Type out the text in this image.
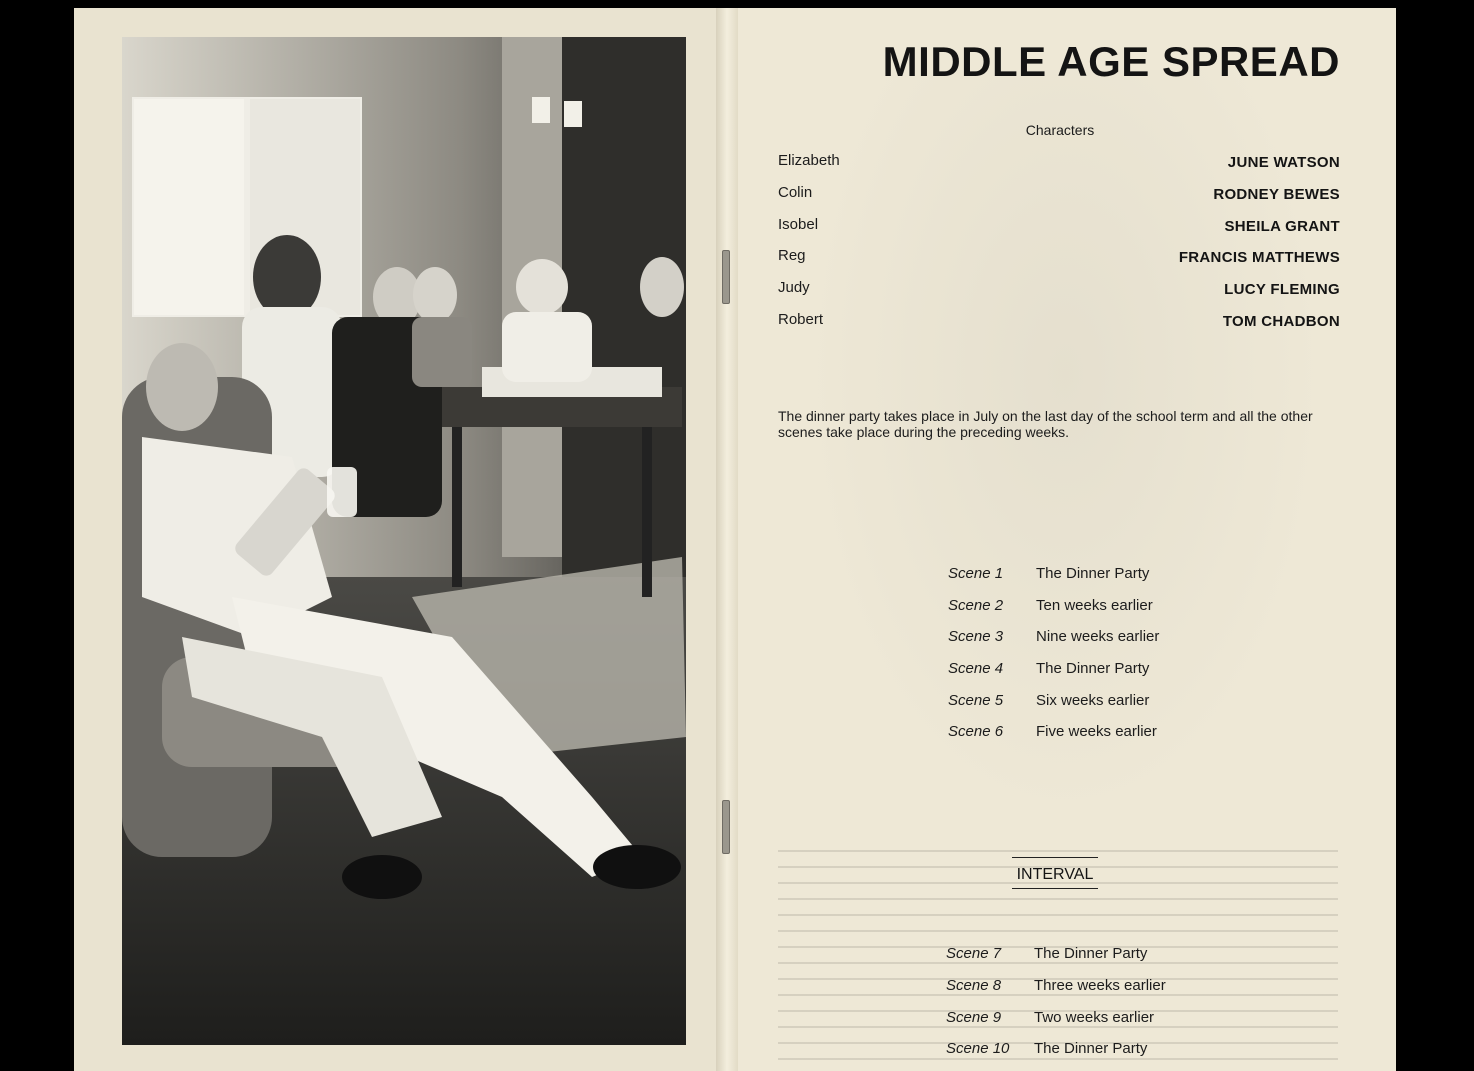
MIDDLE AGE SPREAD
Characters
Elizabeth	JUNE WATSON
Colin	RODNEY BEWES
Isobel	SHEILA GRANT
Reg	FRANCIS MATTHEWS
Judy	LUCY FLEMING
Robert	TOM CHADBON
The dinner party takes place in July on the last day of the school term and all the other scenes take place during the preceding weeks.
Scene 1 The Dinner Party
Scene 2 Ten weeks earlier
Scene 3 Nine weeks earlier
Scene 4 The Dinner Party
Scene 5 Six weeks earlier
Scene 6 Five weeks earlier
INTERVAL
Scene 7 The Dinner Party
Scene 8 Three weeks earlier
Scene 9 Two weeks earlier
Scene 10 The Dinner Party
